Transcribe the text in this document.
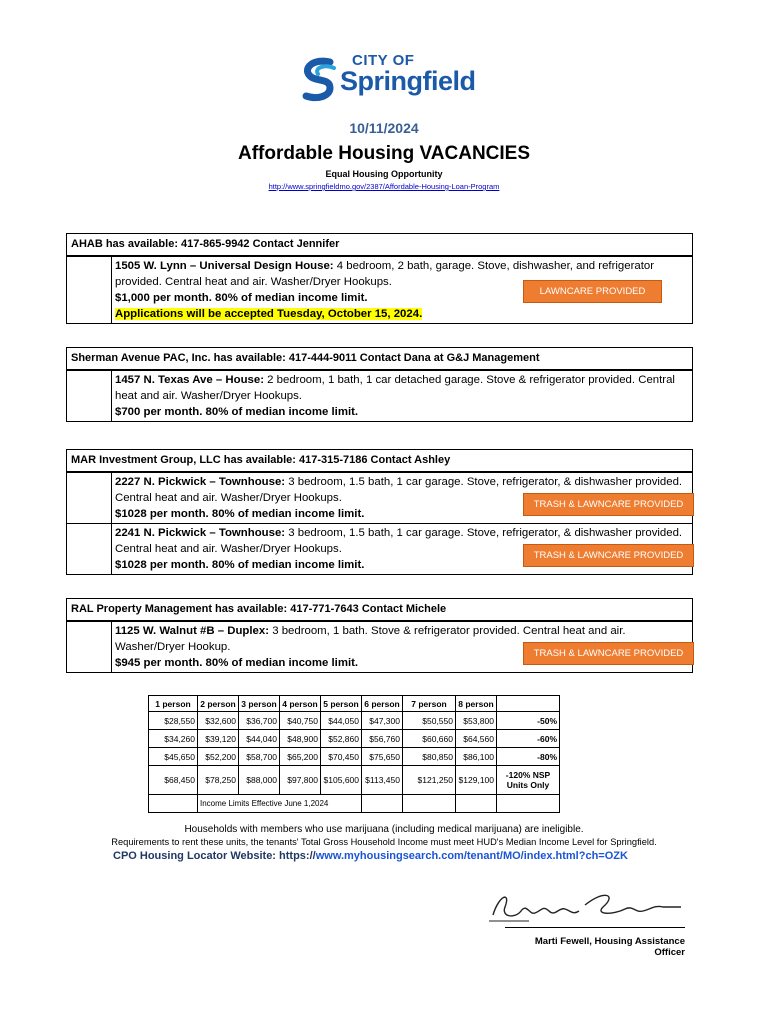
CITY OF
Springfield
10/11/2024
Affordable Housing VACANCIES
Equal Housing Opportunity
http://www.springfieldmo.gov/2387/Affordable-Housing-Loan-Program
AHAB has available: 417-865-9942 Contact Jennifer
1505 W. Lynn – Universal Design House: 4 bedroom, 2 bath, garage. Stove, dishwasher, and refrigerator provided. Central heat and air. Washer/Dryer Hookups.
$1,000 per month. 80% of median income limit.
Applications will be accepted Tuesday, October 15, 2024.
LAWNCARE PROVIDED
Sherman Avenue PAC, Inc. has available: 417-444-9011 Contact Dana at G&J Management
1457 N. Texas Ave – House: 2 bedroom, 1 bath, 1 car detached garage. Stove & refrigerator provided. Central heat and air. Washer/Dryer Hookups.
$700 per month. 80% of median income limit.
MAR Investment Group, LLC has available: 417-315-7186 Contact Ashley
2227 N. Pickwick – Townhouse: 3 bedroom, 1.5 bath, 1 car garage. Stove, refrigerator, & dishwasher provided. Central heat and air. Washer/Dryer Hookups.
$1028 per month. 80% of median income limit.
TRASH & LAWNCARE PROVIDED
2241 N. Pickwick – Townhouse: 3 bedroom, 1.5 bath, 1 car garage. Stove, refrigerator, & dishwasher provided. Central heat and air. Washer/Dryer Hookups.
$1028 per month. 80% of median income limit.
TRASH & LAWNCARE PROVIDED
RAL Property Management has available: 417-771-7643 Contact Michele
1125 W. Walnut #B – Duplex: 3 bedroom, 1 bath. Stove & refrigerator provided. Central heat and air. Washer/Dryer Hookup.
$945 per month. 80% of median income limit.
TRASH & LAWNCARE PROVIDED
1 person	2 person	3 person	4 person	5 person	6 person	7 person	8 person	
$28,550	$32,600	$36,700	$40,750	$44,050	$47,300	$50,550	$53,800	-50%
$34,260	$39,120	$44,040	$48,900	$52,860	$56,760	$60,660	$64,560	-60%
$45,650	$52,200	$58,700	$65,200	$70,450	$75,650	$80,850	$86,100	-80%
$68,450	$78,250	$88,000	$97,800	$105,600	$113,450	$121,250	$129,100	-120% NSP Units Only
	Income Limits Effective June 1,2024							
Households with members who use marijuana (including medical marijuana) are ineligible.
Requirements to rent these units, the tenants' Total Gross Household Income must meet HUD's Median Income Level for Springfield.
CPO Housing Locator Website: https://www.myhousingsearch.com/tenant/MO/index.html?ch=OZK
Marti Fewell, Housing Assistance Officer
